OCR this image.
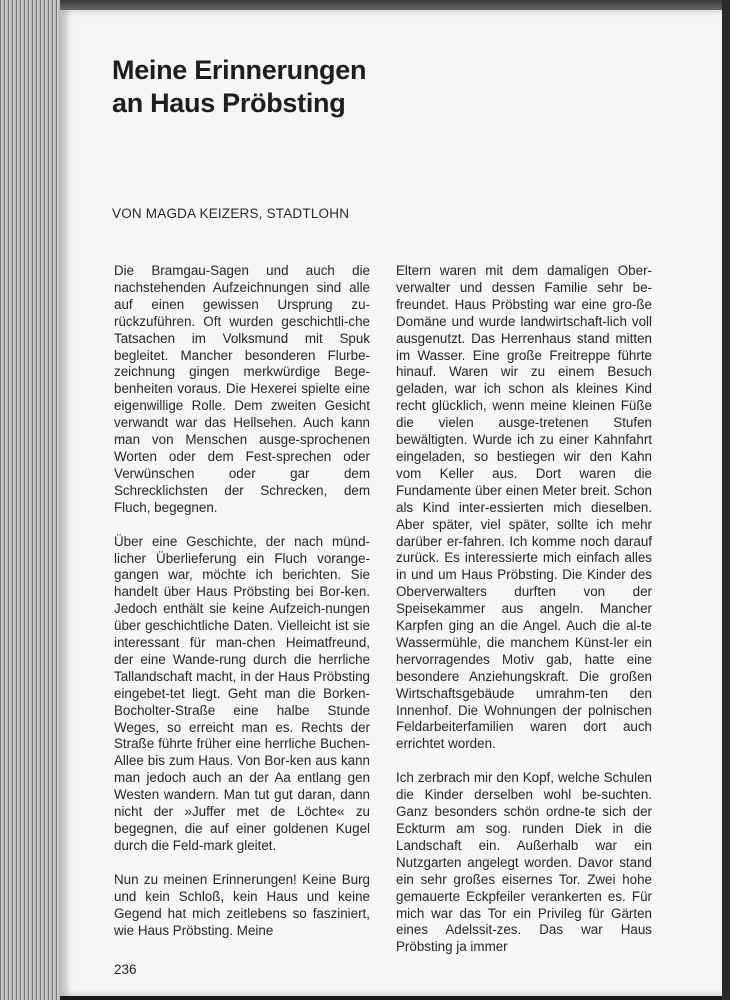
Meine Erinnerungen
an Haus Pröbsting
VON MAGDA KEIZERS, STADTLOHN

Die Bramgau-Sagen und auch die nachstehenden Aufzeichnungen sind alle auf einen gewissen Ursprung zu-rückzuführen. Oft wurden geschichtli-che Tatsachen im Volksmund mit Spuk begleitet. Mancher besonderen Flurbe-zeichnung gingen merkwürdige Bege-benheiten voraus. Die Hexerei spielte eine eigenwillige Rolle. Dem zweiten Gesicht verwandt war das Hellsehen. Auch kann man von Menschen ausge-sprochenen Worten oder dem Fest-sprechen oder Verwünschen oder gar dem Schrecklichsten der Schrecken, dem Fluch, begegnen.

Über eine Geschichte, der nach münd-licher Überlieferung ein Fluch vorange-gangen war, möchte ich berichten. Sie handelt über Haus Pröbsting bei Bor-ken. Jedoch enthält sie keine Aufzeich-nungen über geschichtliche Daten. Vielleicht ist sie interessant für man-chen Heimatfreund, der eine Wande-rung durch die herrliche Tallandschaft macht, in der Haus Pröbsting eingebet-tet liegt. Geht man die Borken-Bocholter-Straße eine halbe Stunde Weges, so erreicht man es. Rechts der Straße führte früher eine herrliche Buchen-Allee bis zum Haus. Von Bor-ken aus kann man jedoch auch an der Aa entlang gen Westen wandern. Man tut gut daran, dann nicht der »Juffer met de Löchte« zu begegnen, die auf einer goldenen Kugel durch die Feld-mark gleitet.

Nun zu meinen Erinnerungen! Keine Burg und kein Schloß, kein Haus und keine Gegend hat mich zeitlebens so fasziniert, wie Haus Pröbsting. Meine

Eltern waren mit dem damaligen Ober-verwalter und dessen Familie sehr be-freundet. Haus Pröbsting war eine gro-ße Domäne und wurde landwirtschaft-lich voll ausgenutzt. Das Herrenhaus stand mitten im Wasser. Eine große Freitreppe führte hinauf. Waren wir zu einem Besuch geladen, war ich schon als kleines Kind recht glücklich, wenn meine kleinen Füße die vielen ausge-tretenen Stufen bewältigten. Wurde ich zu einer Kahnfahrt eingeladen, so bestiegen wir den Kahn vom Keller aus. Dort waren die Fundamente über einen Meter breit. Schon als Kind inter-essierten mich dieselben. Aber später, viel später, sollte ich mehr darüber er-fahren. Ich komme noch darauf zurück. Es interessierte mich einfach alles in und um Haus Pröbsting. Die Kinder des Oberverwalters durften von der Speisekammer aus angeln. Mancher Karpfen ging an die Angel. Auch die al-te Wassermühle, die manchem Künst-ler ein hervorragendes Motiv gab, hatte eine besondere Anziehungskraft. Die großen Wirtschaftsgebäude umrahm-ten den Innenhof. Die Wohnungen der polnischen Feldarbeiterfamilien waren dort auch errichtet worden.

Ich zerbrach mir den Kopf, welche Schulen die Kinder derselben wohl be-suchten. Ganz besonders schön ordne-te sich der Eckturm am sog. runden Diek in die Landschaft ein. Außerhalb war ein Nutzgarten angelegt worden. Davor stand ein sehr großes eisernes Tor. Zwei hohe gemauerte Eckpfeiler verankerten es. Für mich war das Tor ein Privileg für Gärten eines Adelssit-zes. Das war Haus Pröbsting ja immer

236
